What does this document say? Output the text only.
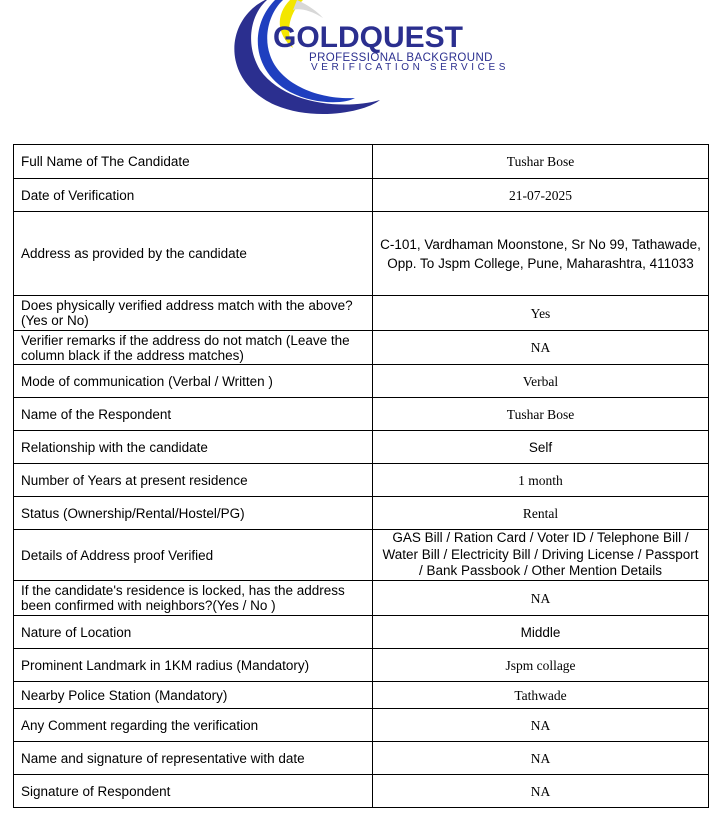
GOLDQUEST
PROFESSIONAL BACKGROUND
VERIFICATION SERVICES
Full Name of The Candidate	Tushar Bose
Date of Verification	21-07-2025
Address as provided by the candidate	C-101, Vardhaman Moonstone, Sr No 99, Tathawade, Opp. To Jspm College, Pune, Maharashtra, 411033
Does physically verified address match with the above? (Yes or No)	Yes
Verifier remarks if the address do not match (Leave the column black if the address matches)	NA
Mode of communication (Verbal / Written )	Verbal
Name of the Respondent	Tushar Bose
Relationship with the candidate	Self
Number of Years at present residence	1 month
Status (Ownership/Rental/Hostel/PG)	Rental
Details of Address proof Verified	GAS Bill / Ration Card / Voter ID / Telephone Bill / Water Bill / Electricity Bill / Driving License / Passport / Bank Passbook / Other Mention Details
If the candidate's residence is locked, has the address been confirmed with neighbors?(Yes / No )	NA
Nature of Location	Middle
Prominent Landmark in 1KM radius (Mandatory)	Jspm collage
Nearby Police Station (Mandatory)	Tathwade
Any Comment regarding the verification	NA
Name and signature of representative with date	NA
Signature of Respondent	NA
